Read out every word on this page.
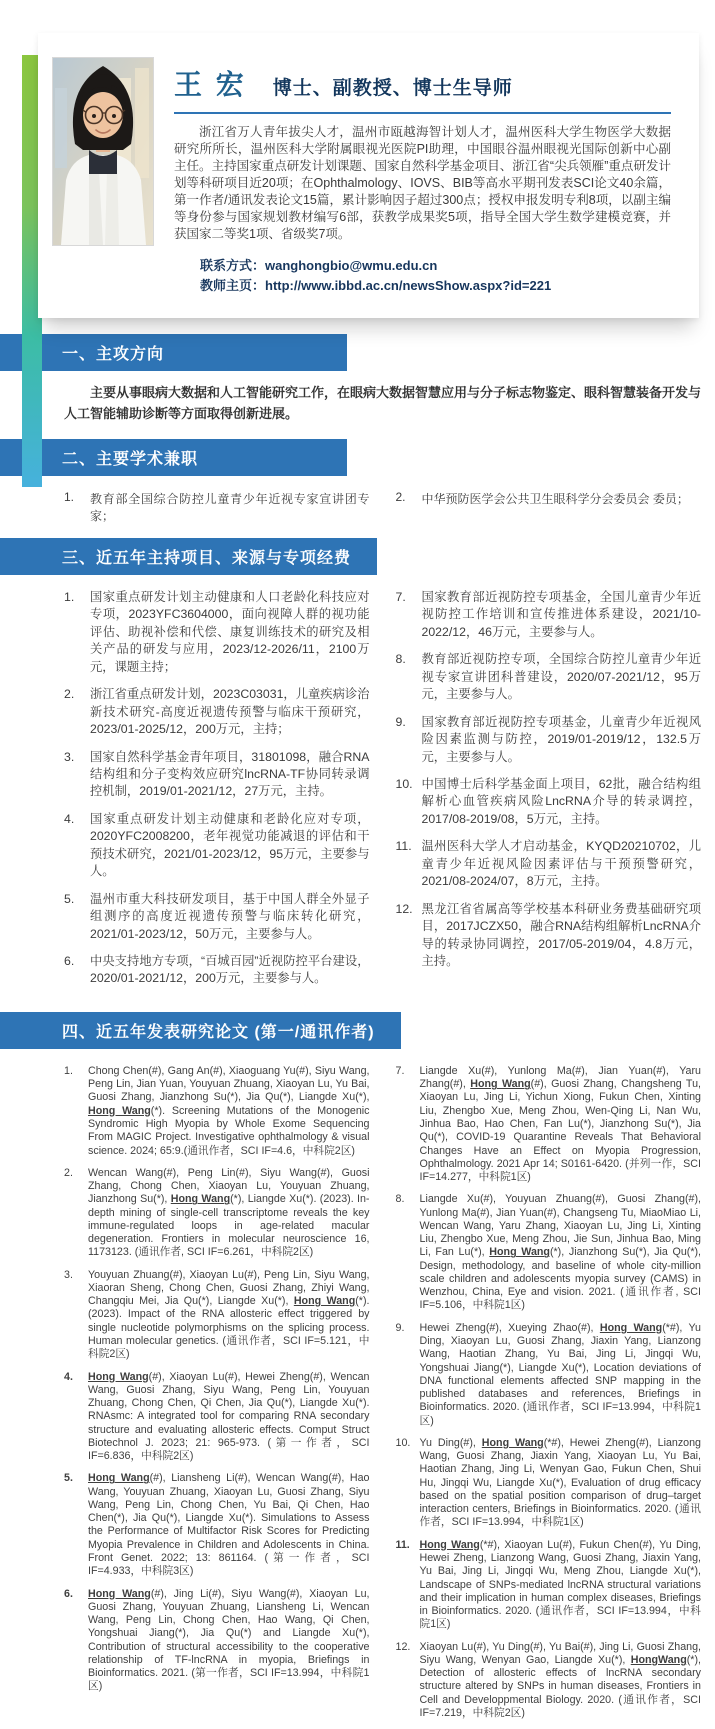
王 宏 博士、副教授、博士生导师

浙江省万人青年拔尖人才，温州市瓯越海智计划人才，温州医科大学生物医学大数据研究所所长，温州医科大学附属眼视光医院PI助理，中国眼谷温州眼视光国际创新中心副主任。主持国家重点研发计划课题、国家自然科学基金项目、浙江省“尖兵领雁”重点研发计划等科研项目近20项；在Ophthalmology、IOVS、BIB等高水平期刊发表SCI论文40余篇，第一作者/通讯发表论文15篇，累计影响因子超过300点；授权申报发明专利8项，以副主编等身份参与国家规划教材编写6部，获教学成果奖5项，指导全国大学生数学建模竞赛，并获国家二等奖1项、省级奖7项。

联系方式：wanghongbio@wmu.edu.cn
教师主页：http://www.ibbd.ac.cn/newsShow.aspx?id=221
一、主攻方向

主要从事眼病大数据和人工智能研究工作，在眼病大数据智慧应用与分子标志物鉴定、眼科智慧装备开发与人工智能辅助诊断等方面取得创新进展。

二、主要学术兼职
1.	教育部全国综合防控儿童青少年近视专家宣讲团专家；
2.	中华预防医学会公共卫生眼科学分会委员会 委员；
三、近五年主持项目、来源与专项经费
1.	国家重点研发计划主动健康和人口老龄化科技应对专项，2023YFC3604000，面向视障人群的视功能评估、助视补偿和代偿、康复训练技术的研究及相关产品的研发与应用，2023/12-2026/11，2100万元，课题主持；
2.	浙江省重点研发计划，2023C03031，儿童疾病诊治新技术研究-高度近视遗传预警与临床干预研究，2023/01-2025/12，200万元，主持；
3.	国家自然科学基金青年项目，31801098，融合RNA结构组和分子变构效应研究lncRNA-TF协同转录调控机制，2019/01-2021/12，27万元，主持。
4.	国家重点研发计划主动健康和老龄化应对专项，2020YFC2008200，老年视觉功能减退的评估和干预技术研究，2021/01-2023/12，95万元，主要参与人。
5.	温州市重大科技研发项目，基于中国人群全外显子组测序的高度近视遗传预警与临床转化研究，2021/01-2023/12，50万元，主要参与人。
6.	中央支持地方专项，“百城百园”近视防控平台建设，2020/01-2021/12，200万元，主要参与人。
7.	国家教育部近视防控专项基金，全国儿童青少年近视防控工作培训和宣传推进体系建设，2021/10-2022/12，46万元，主要参与人。
8.	教育部近视防控专项，全国综合防控儿童青少年近视专家宣讲团科普建设，2020/07-2021/12，95万元，主要参与人。
9.	国家教育部近视防控专项基金，儿童青少年近视风险因素监测与防控，2019/01-2019/12，132.5万元，主要参与人。
10. 中国博士后科学基金面上项目，62批，融合结构组解析心血管疾病风险LncRNA介导的转录调控，2017/08-2019/08，5万元，主持。
11. 温州医科大学人才启动基金，KYQD20210702，儿童青少年近视风险因素评估与干预预警研究，2021/08-2024/07，8万元，主持。
12. 黑龙江省省属高等学校基本科研业务费基础研究项目，2017JCZX50，融合RNA结构组解析LncRNA介导的转录协同调控，2017/05-2019/04，4.8万元，主持。
四、近五年发表研究论文 (第一/通讯作者)
1.	Chong Chen(#), Gang An(#), Xiaoguang Yu(#), Siyu Wang, Peng Lin, Jian Yuan, Youyuan Zhuang, Xiaoyan Lu, Yu Bai, Guosi Zhang, Jianzhong Su(*), Jia Qu(*), Liangde Xu(*), Hong Wang(*). Screening Mutations of the Monogenic Syndromic High Myopia by Whole Exome Sequencing From MAGIC Project. Investigative ophthalmology & visual science. 2024; 65:9.(通讯作者，SCI IF=4.6，中科院2区)
2.	Wencan Wang(#), Peng Lin(#), Siyu Wang(#), Guosi Zhang, Chong Chen, Xiaoyan Lu, Youyuan Zhuang, Jianzhong Su(*), Hong Wang(*), Liangde Xu(*). (2023). In-depth mining of single-cell transcriptome reveals the key immune-regulated loops in age-related macular degeneration. Frontiers in molecular neuroscience 16, 1173123. (通讯作者, SCI IF=6.261，中科院2区)
3.	Youyuan Zhuang(#), Xiaoyan Lu(#), Peng Lin, Siyu Wang, Xiaoran Sheng, Chong Chen, Guosi Zhang, Zhiyi Wang, Changqiu Mei, Jia Qu(*), Liangde Xu(*), Hong Wang(*). (2023). Impact of the RNA allosteric effect triggered by single nucleotide polymorphisms on the splicing process. Human molecular genetics. (通讯作者，SCI IF=5.121，中科院2区)
4.	Hong Wang(#), Xiaoyan Lu(#), Hewei Zheng(#), Wencan Wang, Guosi Zhang, Siyu Wang, Peng Lin, Youyuan Zhuang, Chong Chen, Qi Chen, Jia Qu(*), Liangde Xu(*). RNAsmc: A integrated tool for comparing RNA secondary structure and evaluating allosteric effects. Comput Struct Biotechnol J. 2023; 21: 965-973. (第一作者，SCI IF=6.836，中科院2区)
5.	Hong Wang(#), Liansheng Li(#), Wencan Wang(#), Hao Wang, Youyuan Zhuang, Xiaoyan Lu, Guosi Zhang, Siyu Wang, Peng Lin, Chong Chen, Yu Bai, Qi Chen, Hao Chen(*), Jia Qu(*), Liangde Xu(*). Simulations to Assess the Performance of Multifactor Risk Scores for Predicting Myopia Prevalence in Children and Adolescents in China. Front Genet. 2022; 13: 861164. (第一作者，SCI IF=4.933，中科院3区)
6.	Hong Wang(#), Jing Li(#), Siyu Wang(#), Xiaoyan Lu, Guosi Zhang, Youyuan Zhuang, Liansheng Li, Wencan Wang, Peng Lin, Chong Chen, Hao Wang, Qi Chen, Yongshuai Jiang(*), Jia Qu(*) and Liangde Xu(*), Contribution of structural accessibility to the cooperative relationship of TF-lncRNA in myopia, Briefings in Bioinformatics. 2021. (第一作者，SCI IF=13.994，中科院1区)
7.	Liangde Xu(#), Yunlong Ma(#), Jian Yuan(#), Yaru Zhang(#), Hong Wang(#), Guosi Zhang, Changsheng Tu, Xiaoyan Lu, Jing Li, Yichun Xiong, Fukun Chen, Xinting Liu, Zhengbo Xue, Meng Zhou, Wen-Qing Li, Nan Wu, Jinhua Bao, Hao Chen, Fan Lu(*), Jianzhong Su(*), Jia Qu(*), COVID-19 Quarantine Reveals That Behavioral Changes Have an Effect on Myopia Progression, Ophthalmology. 2021 Apr 14; S0161-6420. (并列一作，SCI IF=14.277，中科院1区)
8.	Liangde Xu(#), Youyuan Zhuang(#), Guosi Zhang(#), Yunlong Ma(#), Jian Yuan(#), Changseng Tu, MiaoMiao Li, Wencan Wang, Yaru Zhang, Xiaoyan Lu, Jing Li, Xinting Liu, Zhengbo Xue, Meng Zhou, Jie Sun, Jinhua Bao, Ming Li, Fan Lu(*), Hong Wang(*), Jianzhong Su(*), Jia Qu(*), Design, methodology, and baseline of whole city-million scale children and adolescents myopia survey (CAMS) in Wenzhou, China, Eye and vision. 2021. (通讯作者, SCI IF=5.106，中科院1区)
9.	Hewei Zheng(#), Xueying Zhao(#), Hong Wang(*#), Yu Ding, Xiaoyan Lu, Guosi Zhang, Jiaxin Yang, Lianzong Wang, Haotian Zhang, Yu Bai, Jing Li, Jingqi Wu, Yongshuai Jiang(*), Liangde Xu(*), Location deviations of DNA functional elements affected SNP mapping in the published databases and references, Briefings in Bioinformatics. 2020. (通讯作者，SCI IF=13.994，中科院1区)
10. Yu Ding(#), Hong Wang(*#), Hewei Zheng(#), Lianzong Wang, Guosi Zhang, Jiaxin Yang, Xiaoyan Lu, Yu Bai, Haotian Zhang, Jing Li, Wenyan Gao, Fukun Chen, Shui Hu, Jingqi Wu, Liangde Xu(*), Evaluation of drug efficacy based on the spatial position comparison of drug–target interaction centers, Briefings in Bioinformatics. 2020. (通讯作者，SCI IF=13.994，中科院1区)
11. Hong Wang(*#), Xiaoyan Lu(#), Fukun Chen(#), Yu Ding, Hewei Zheng, Lianzong Wang, Guosi Zhang, Jiaxin Yang, Yu Bai, Jing Li, Jingqi Wu, Meng Zhou, Liangde Xu(*), Landscape of SNPs-mediated lncRNA structural variations and their implication in human complex diseases, Briefings in Bioinformatics. 2020. (通讯作者，SCI IF=13.994，中科院1区)
12. Xiaoyan Lu(#), Yu Ding(#), Yu Bai(#), Jing Li, Guosi Zhang, Siyu Wang, Wenyan Gao, Liangde Xu(*), HongWang(*), Detection of allosteric effects of lncRNA secondary structure altered by SNPs in human diseases, Frontiers in Cell and Developpmental Biology. 2020. (通讯作者，SCI IF=7.219，中科院2区)
